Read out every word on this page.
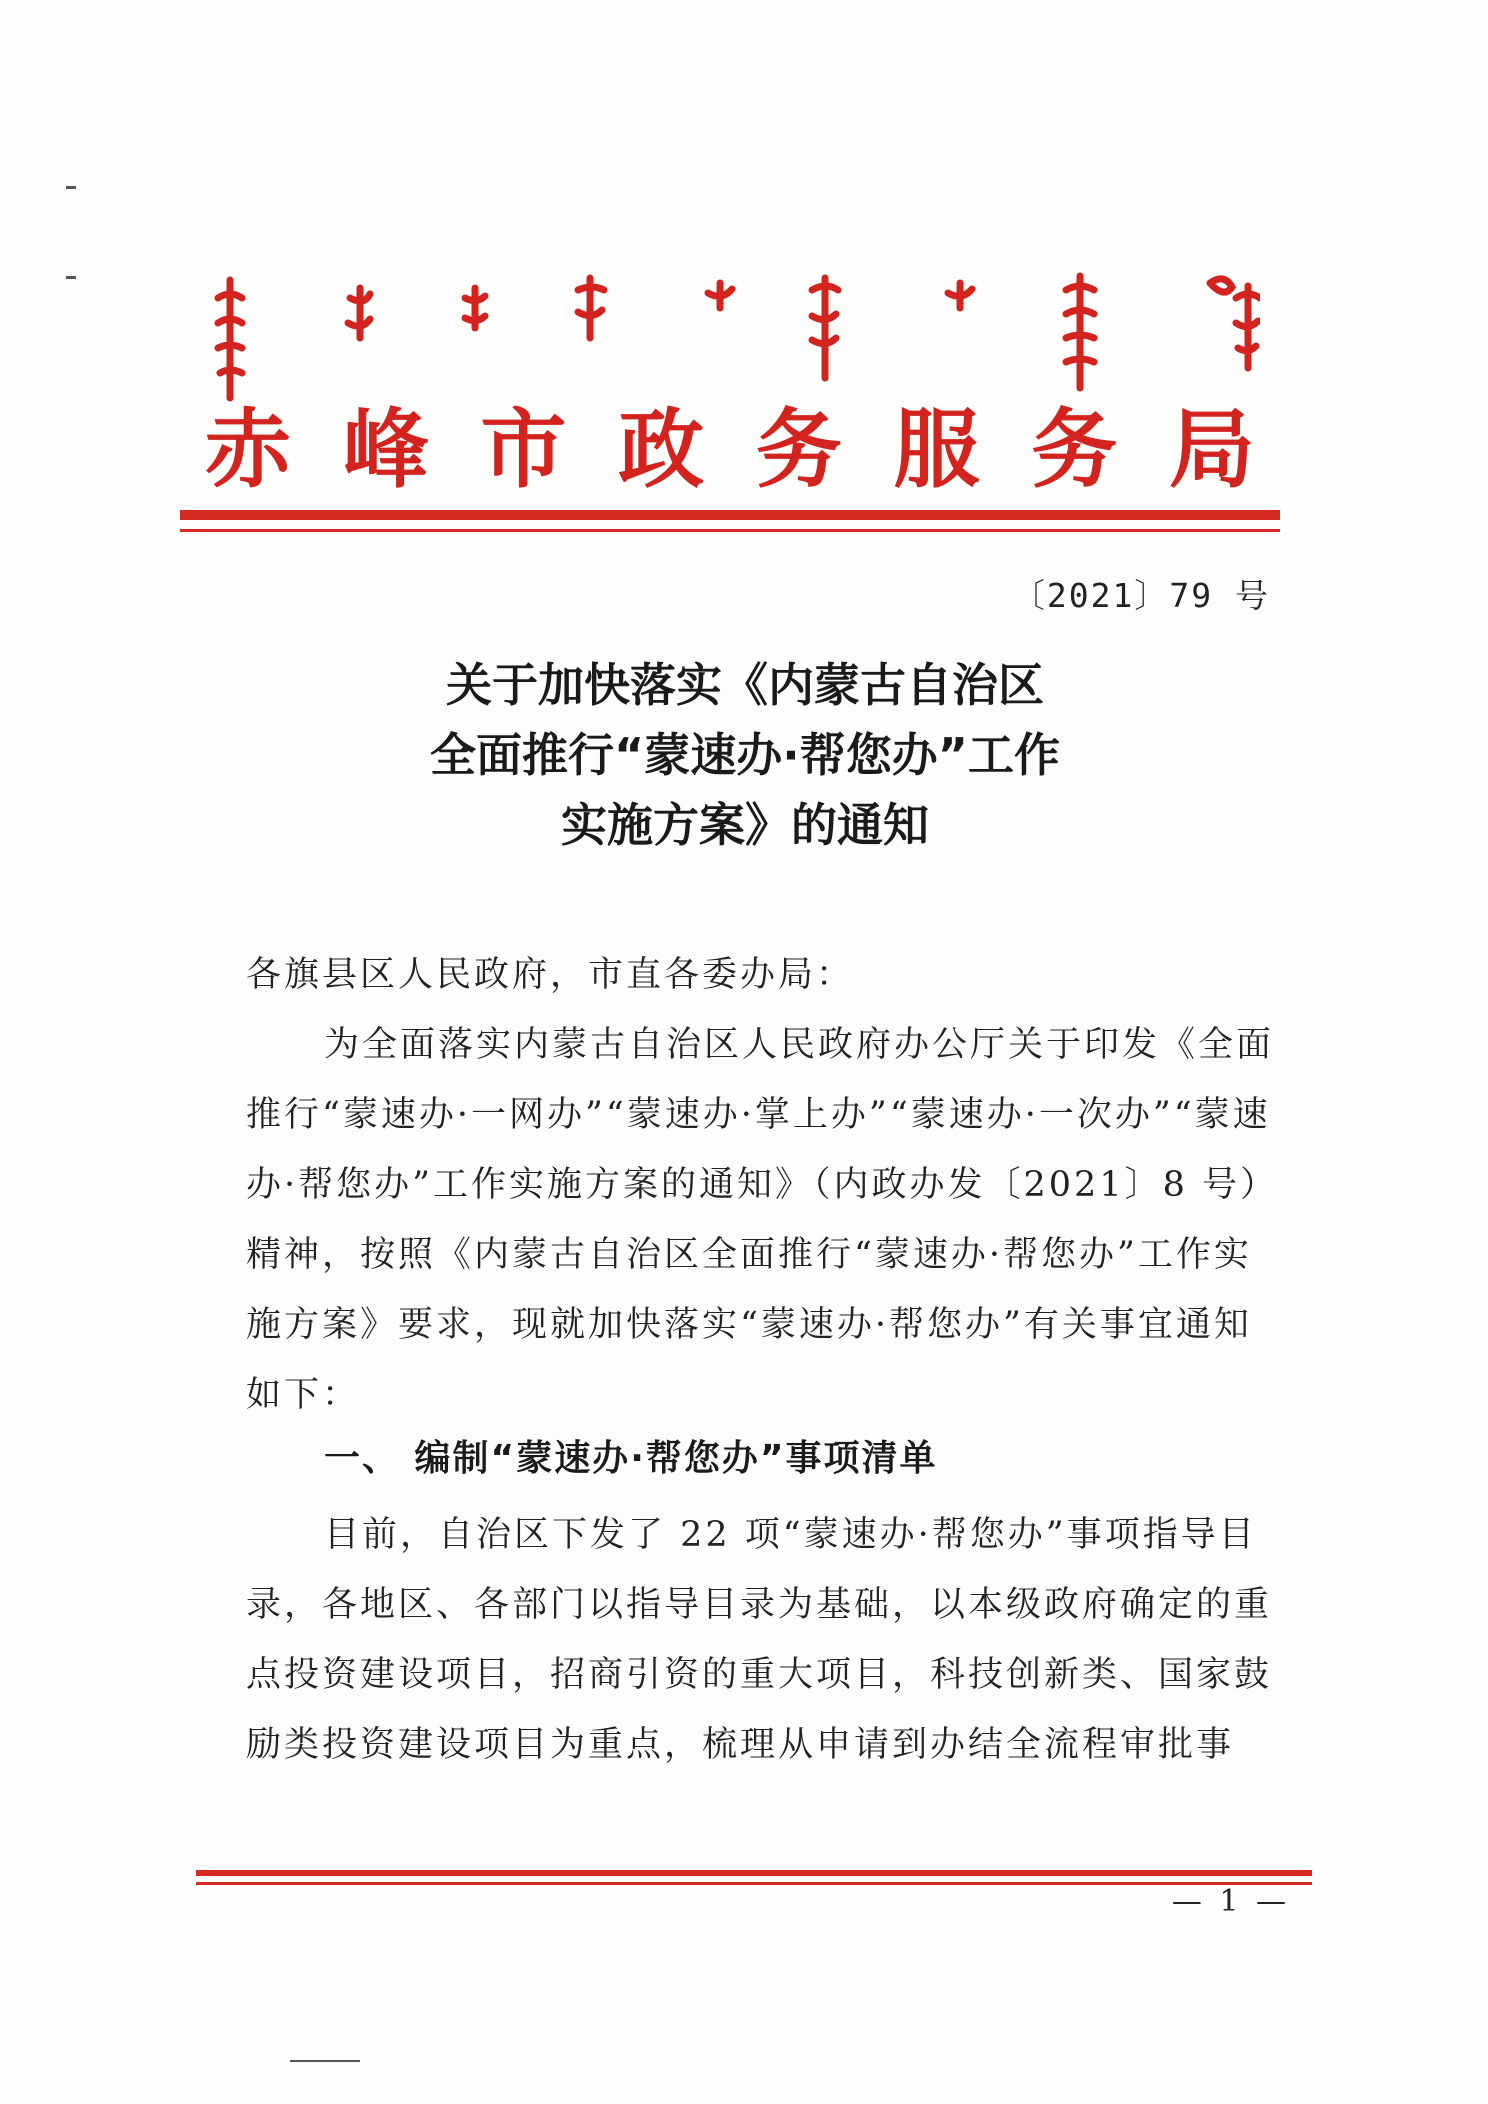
赤 峰 市 政 务 服 务 局
〔2021〕79 号
关于加快落实《内蒙古自治区
全面推行“蒙速办·帮您办”工作
实施方案》的通知
各旗县区人民政府，市直各委办局：
为全面落实内蒙古自治区人民政府办公厅关于印发《全面推行“蒙速办·一网办”“蒙速办·掌上办”“蒙速办·一次办”“蒙速办·帮您办”工作实施方案的通知》（内政办发〔2021〕8 号）精神，按照《内蒙古自治区全面推行“蒙速办·帮您办”工作实施方案》要求，现就加快落实“蒙速办·帮您办”有关事宜通知如下：
一、 编制“蒙速办·帮您办”事项清单
目前，自治区下发了 22 项“蒙速办·帮您办”事项指导目录，各地区、各部门以指导目录为基础，以本级政府确定的重点投资建设项目，招商引资的重大项目，科技创新类、国家鼓励类投资建设项目为重点，梳理从申请到办结全流程审批事
— 1 —
